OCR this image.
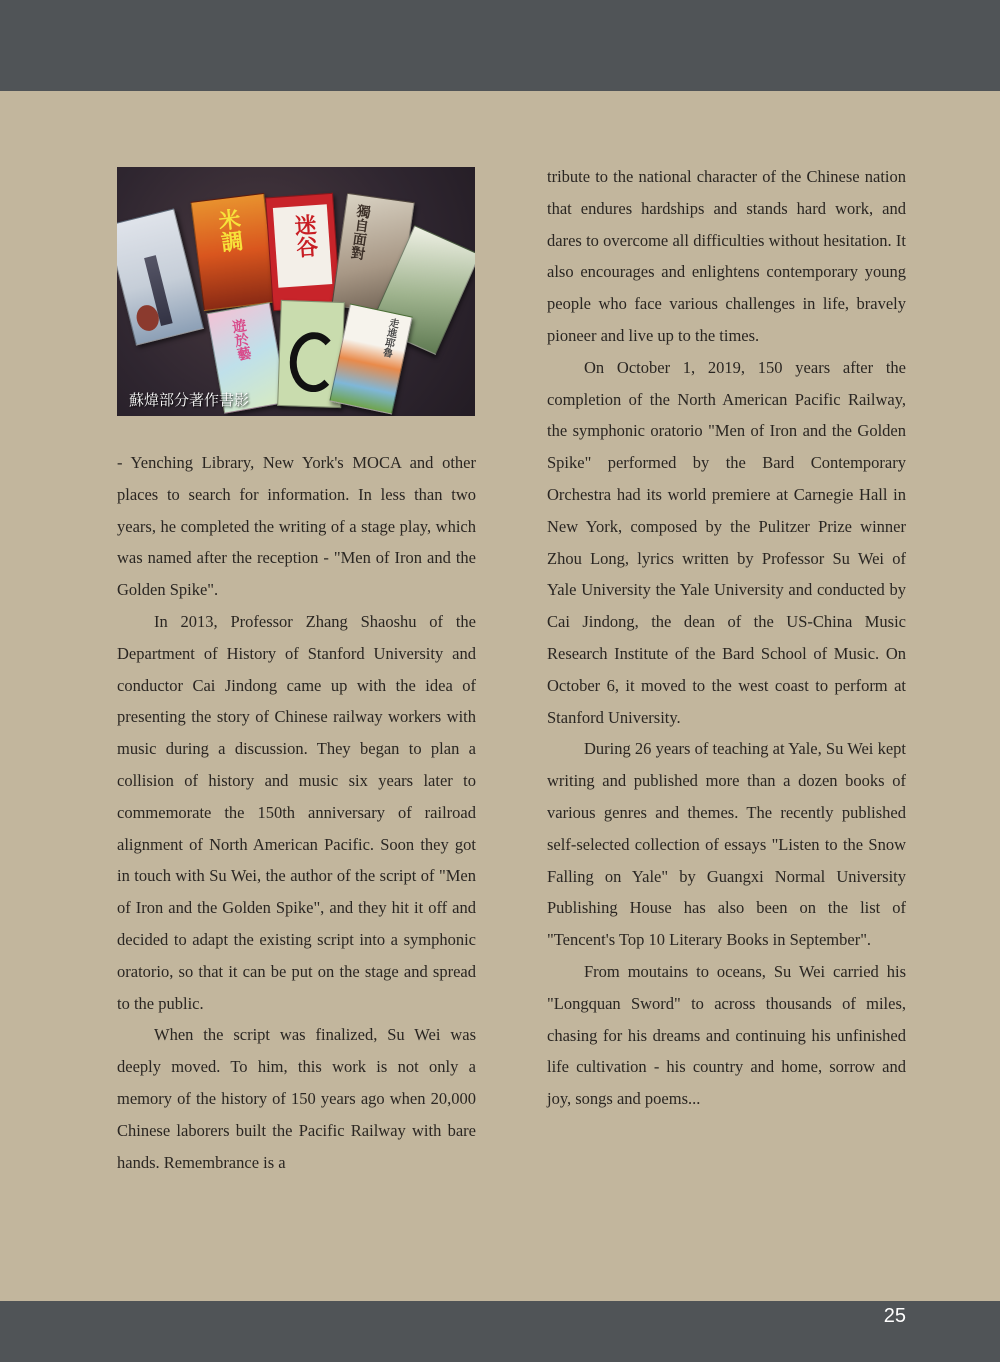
米調 迷谷 獨自面對
遊於藝	走進耶魯
蘇煒部分著作書影

- Yenching Library, New York's MOCA and other places to search for information. In less than two years, he completed the writing of a stage play, which was named after the reception - "Men of Iron and the Golden Spike".

In 2013, Professor Zhang Shaoshu of the Department of History of Stanford University and conductor Cai Jindong came up with the idea of presenting the story of Chinese railway workers with music during a discussion. They began to plan a collision of history and music six years later to commemorate the 150th anniversary of railroad alignment of North American Pacific. Soon they got in touch with Su Wei, the author of the script of "Men of Iron and the Golden Spike", and they hit it off and decided to adapt the existing script into a symphonic oratorio, so that it can be put on the stage and spread to the public.

When the script was finalized, Su Wei was deeply moved. To him, this work is not only a memory of the history of 150 years ago when 20,000 Chinese laborers built the Pacific Railway with bare hands. Remembrance is a

tribute to the national character of the Chinese nation that endures hardships and stands hard work, and dares to overcome all difficulties without hesitation. It also encourages and enlightens contemporary young people who face various challenges in life, bravely pioneer and live up to the times.

On October 1, 2019, 150 years after the completion of the North American Pacific Railway, the symphonic oratorio "Men of Iron and the Golden Spike" performed by the Bard Contemporary Orchestra had its world premiere at Carnegie Hall in New York, composed by the Pulitzer Prize winner Zhou Long, lyrics written by Professor Su Wei of Yale University the Yale University and conducted by Cai Jindong, the dean of the US-China Music Research Institute of the Bard School of Music. On October 6, it moved to the west coast to perform at Stanford University.

During 26 years of teaching at Yale, Su Wei kept writing and published more than a dozen books of various genres and themes. The recently published self-selected collection of essays "Listen to the Snow Falling on Yale" by Guangxi Normal University Publishing House has also been on the list of "Tencent's Top 10 Literary Books in September".

From moutains to oceans, Su Wei carried his "Longquan Sword" to across thousands of miles, chasing for his dreams and continuing his unfinished life cultivation - his country and home, sorrow and joy, songs and poems...

25
